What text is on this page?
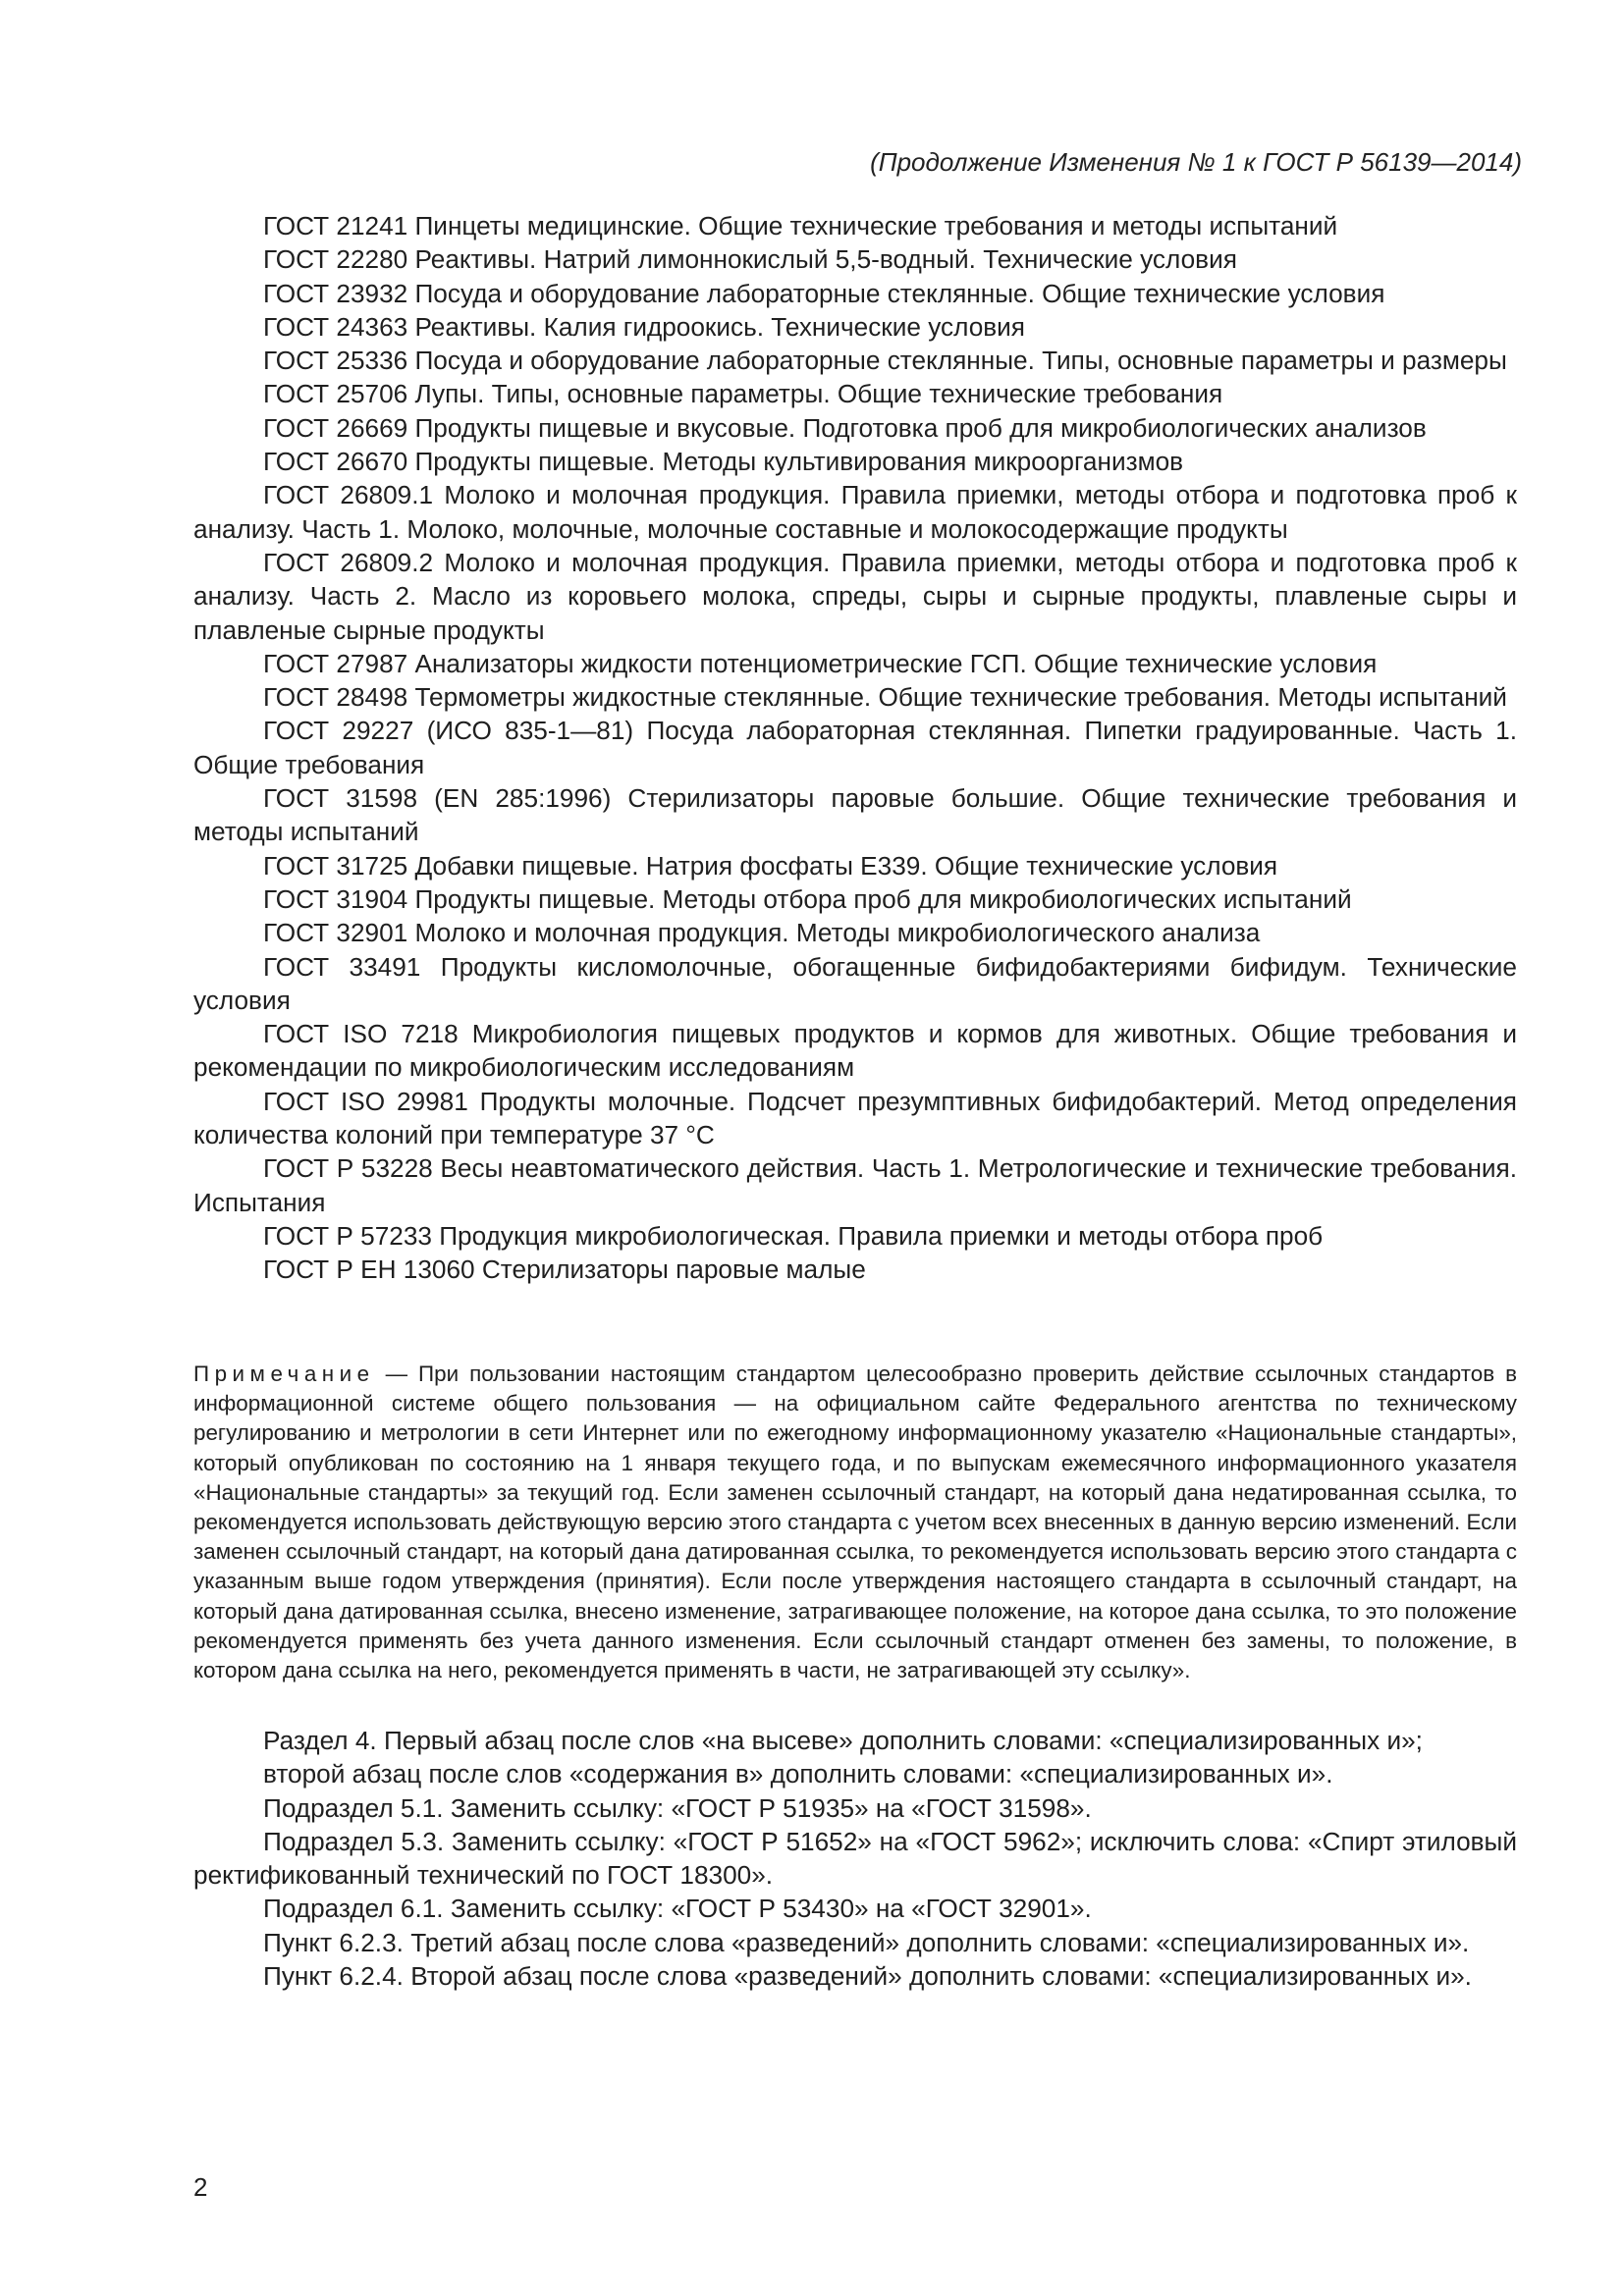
(Продолжение Изменения № 1 к ГОСТ Р 56139—2014)

ГОСТ 21241 Пинцеты медицинские. Общие технические требования и методы испытаний

ГОСТ 22280 Реактивы. Натрий лимоннокислый 5,5-водный. Технические условия

ГОСТ 23932 Посуда и оборудование лабораторные стеклянные. Общие технические условия

ГОСТ 24363 Реактивы. Калия гидроокись. Технические условия

ГОСТ 25336 Посуда и оборудование лабораторные стеклянные. Типы, основные параметры и размеры

ГОСТ 25706 Лупы. Типы, основные параметры. Общие технические требования

ГОСТ 26669 Продукты пищевые и вкусовые. Подготовка проб для микробиологических анализов

ГОСТ 26670 Продукты пищевые. Методы культивирования микроорганизмов

ГОСТ 26809.1 Молоко и молочная продукция. Правила приемки, методы отбора и подготовка проб к анализу. Часть 1. Молоко, молочные, молочные составные и молокосодержащие продукты

ГОСТ 26809.2 Молоко и молочная продукция. Правила приемки, методы отбора и подготовка проб к анализу. Часть 2. Масло из коровьего молока, спреды, сыры и сырные продукты, плавленые сыры и плавленые сырные продукты

ГОСТ 27987 Анализаторы жидкости потенциометрические ГСП. Общие технические условия

ГОСТ 28498 Термометры жидкостные стеклянные. Общие технические требования. Методы испытаний

ГОСТ 29227 (ИСО 835-1—81) Посуда лабораторная стеклянная. Пипетки градуированные. Часть 1. Общие требования

ГОСТ 31598 (EN 285:1996) Стерилизаторы паровые большие. Общие технические требования и методы испытаний

ГОСТ 31725 Добавки пищевые. Натрия фосфаты Е339. Общие технические условия

ГОСТ 31904 Продукты пищевые. Методы отбора проб для микробиологических испытаний

ГОСТ 32901 Молоко и молочная продукция. Методы микробиологического анализа

ГОСТ 33491 Продукты кисломолочные, обогащенные бифидобактериями бифидум. Технические условия

ГОСТ ISO 7218 Микробиология пищевых продуктов и кормов для животных. Общие требования и рекомендации по микробиологическим исследованиям

ГОСТ ISO 29981 Продукты молочные. Подсчет презумптивных бифидобактерий. Метод определения количества колоний при температуре 37 °С

ГОСТ Р 53228 Весы неавтоматического действия. Часть 1. Метрологические и технические требования. Испытания

ГОСТ Р 57233 Продукция микробиологическая. Правила приемки и методы отбора проб

ГОСТ Р ЕН 13060 Стерилизаторы паровые малые

Примечание — При пользовании настоящим стандартом целесообразно проверить действие ссылочных стандартов в информационной системе общего пользования — на официальном сайте Федерального агентства по техническому регулированию и метрологии в сети Интернет или по ежегодному информационному указателю «Национальные стандарты», который опубликован по состоянию на 1 января текущего года, и по выпускам ежемесячного информационного указателя «Национальные стандарты» за текущий год. Если заменен ссылочный стандарт, на который дана недатированная ссылка, то рекомендуется использовать действующую версию этого стандарта с учетом всех внесенных в данную версию изменений. Если заменен ссылочный стандарт, на который дана датированная ссылка, то рекомендуется использовать версию этого стандарта с указанным выше годом утверждения (принятия). Если после утверждения настоящего стандарта в ссылочный стандарт, на который дана датированная ссылка, внесено изменение, затрагивающее положение, на которое дана ссылка, то это положение рекомендуется применять без учета данного изменения. Если ссылочный стандарт отменен без замены, то положение, в котором дана ссылка на него, рекомендуется применять в части, не затрагивающей эту ссылку».

Раздел 4. Первый абзац после слов «на высеве» дополнить словами: «специализированных и»;

второй абзац после слов «содержания в» дополнить словами: «специализированных и».

Подраздел 5.1. Заменить ссылку: «ГОСТ Р 51935» на «ГОСТ 31598».

Подраздел 5.3. Заменить ссылку: «ГОСТ Р 51652» на «ГОСТ 5962»; исключить слова: «Спирт этиловый ректификованный технический по ГОСТ 18300».

Подраздел 6.1. Заменить ссылку: «ГОСТ Р 53430» на «ГОСТ 32901».

Пункт 6.2.3. Третий абзац после слова «разведений» дополнить словами: «специализированных и».

Пункт 6.2.4. Второй абзац после слова «разведений» дополнить словами: «специализированных и».

2
